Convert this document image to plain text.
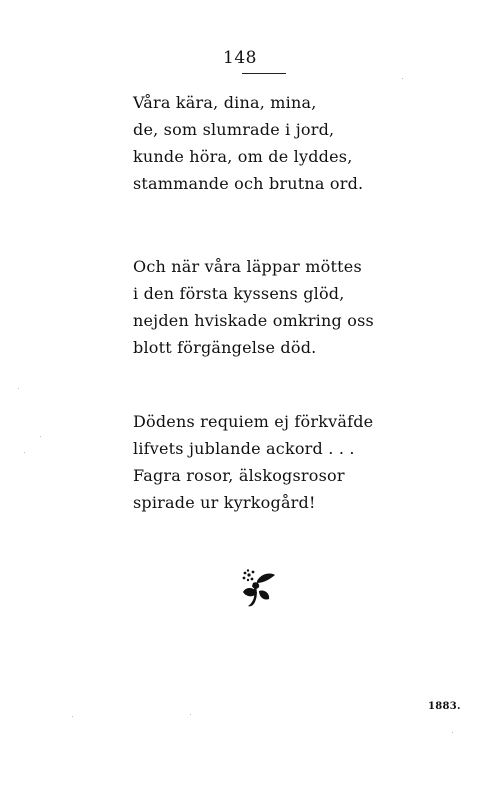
148
Våra kära, dina, mina,
de, som slumrade i jord,
kunde höra, om de lyddes,
stammande och brutna ord.
Och när våra läppar möttes
i den första kyssens glöd,
nejden hviskade omkring oss
blott förgängelse död.
Dödens requiem ej förkväfde
lifvets jublande ackord . . .
Fagra rosor, älskogsrosor
spirade ur kyrkogård!
1883.
